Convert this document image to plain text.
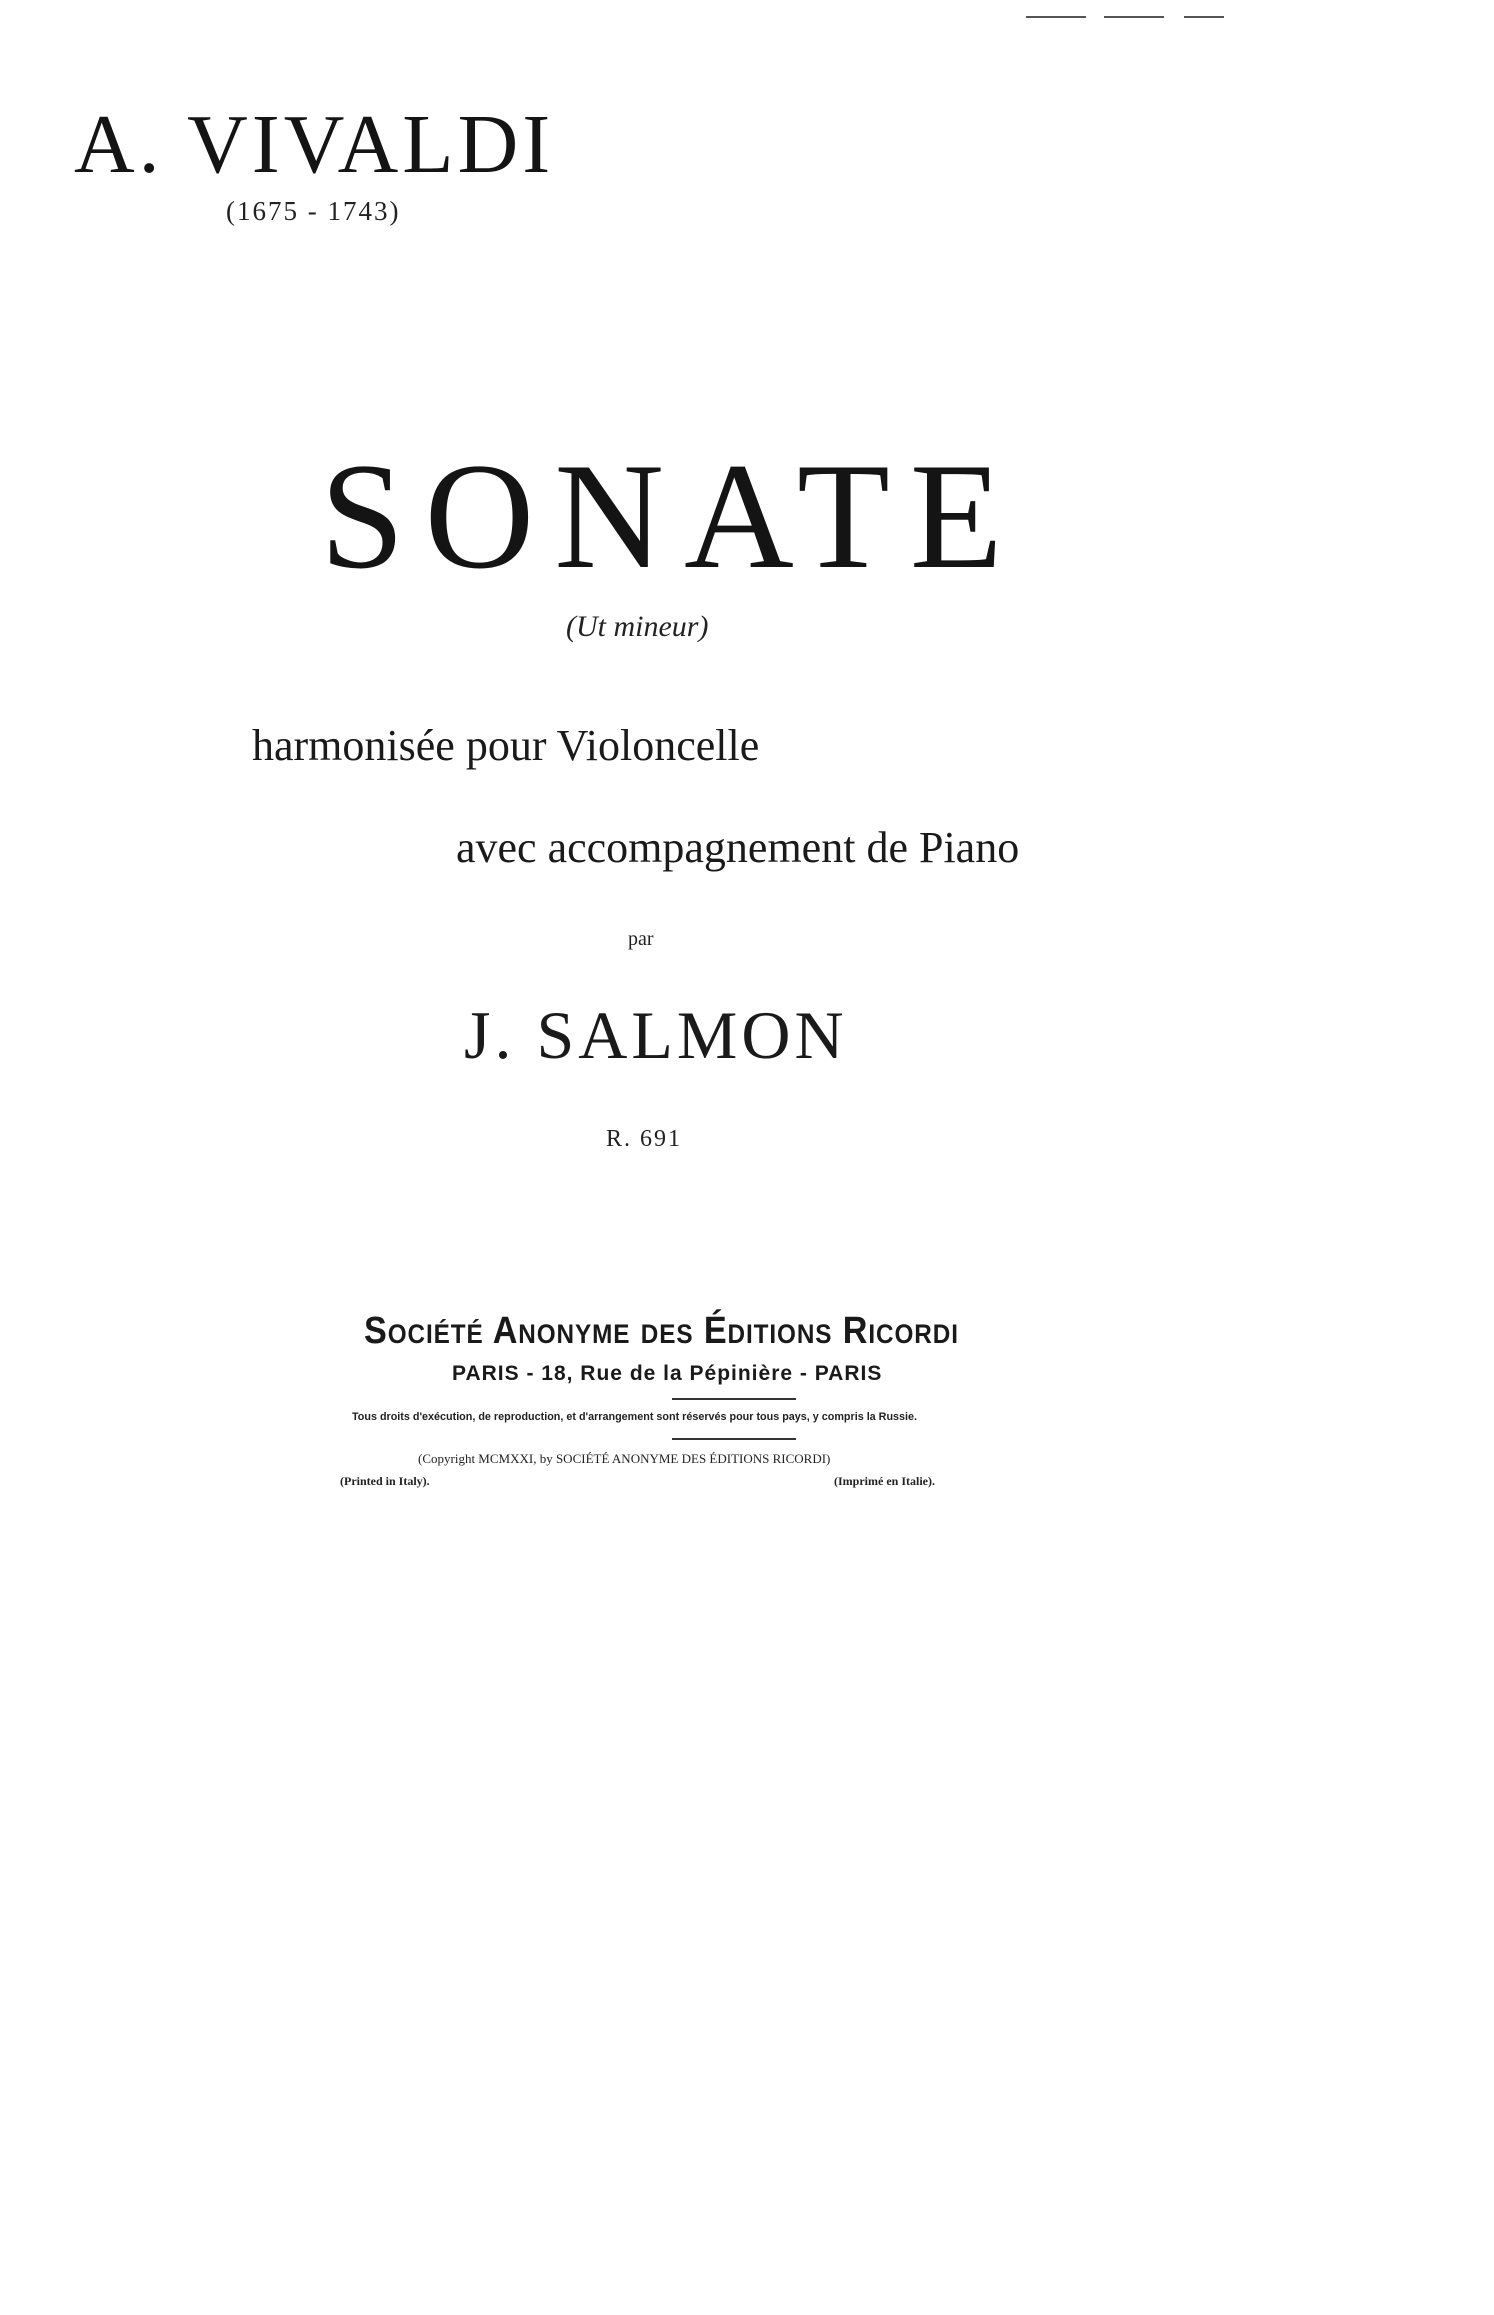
A. VIVALDI
(1675 - 1743)
SONATE
(Ut mineur)
harmonisée pour Violoncelle
avec accompagnement de Piano
par
J. SALMON
R. 691
Société Anonyme des Éditions Ricordi
PARIS - 18, Rue de la Pépinière - PARIS
Tous droits d'exécution, de reproduction, et d'arrangement sont réservés pour tous pays, y compris la Russie.
(Copyright MCMXXI, by SOCIÉTÉ ANONYME DES ÉDITIONS RICORDI)
(Printed in Italy).	(Imprimé en Italie).
